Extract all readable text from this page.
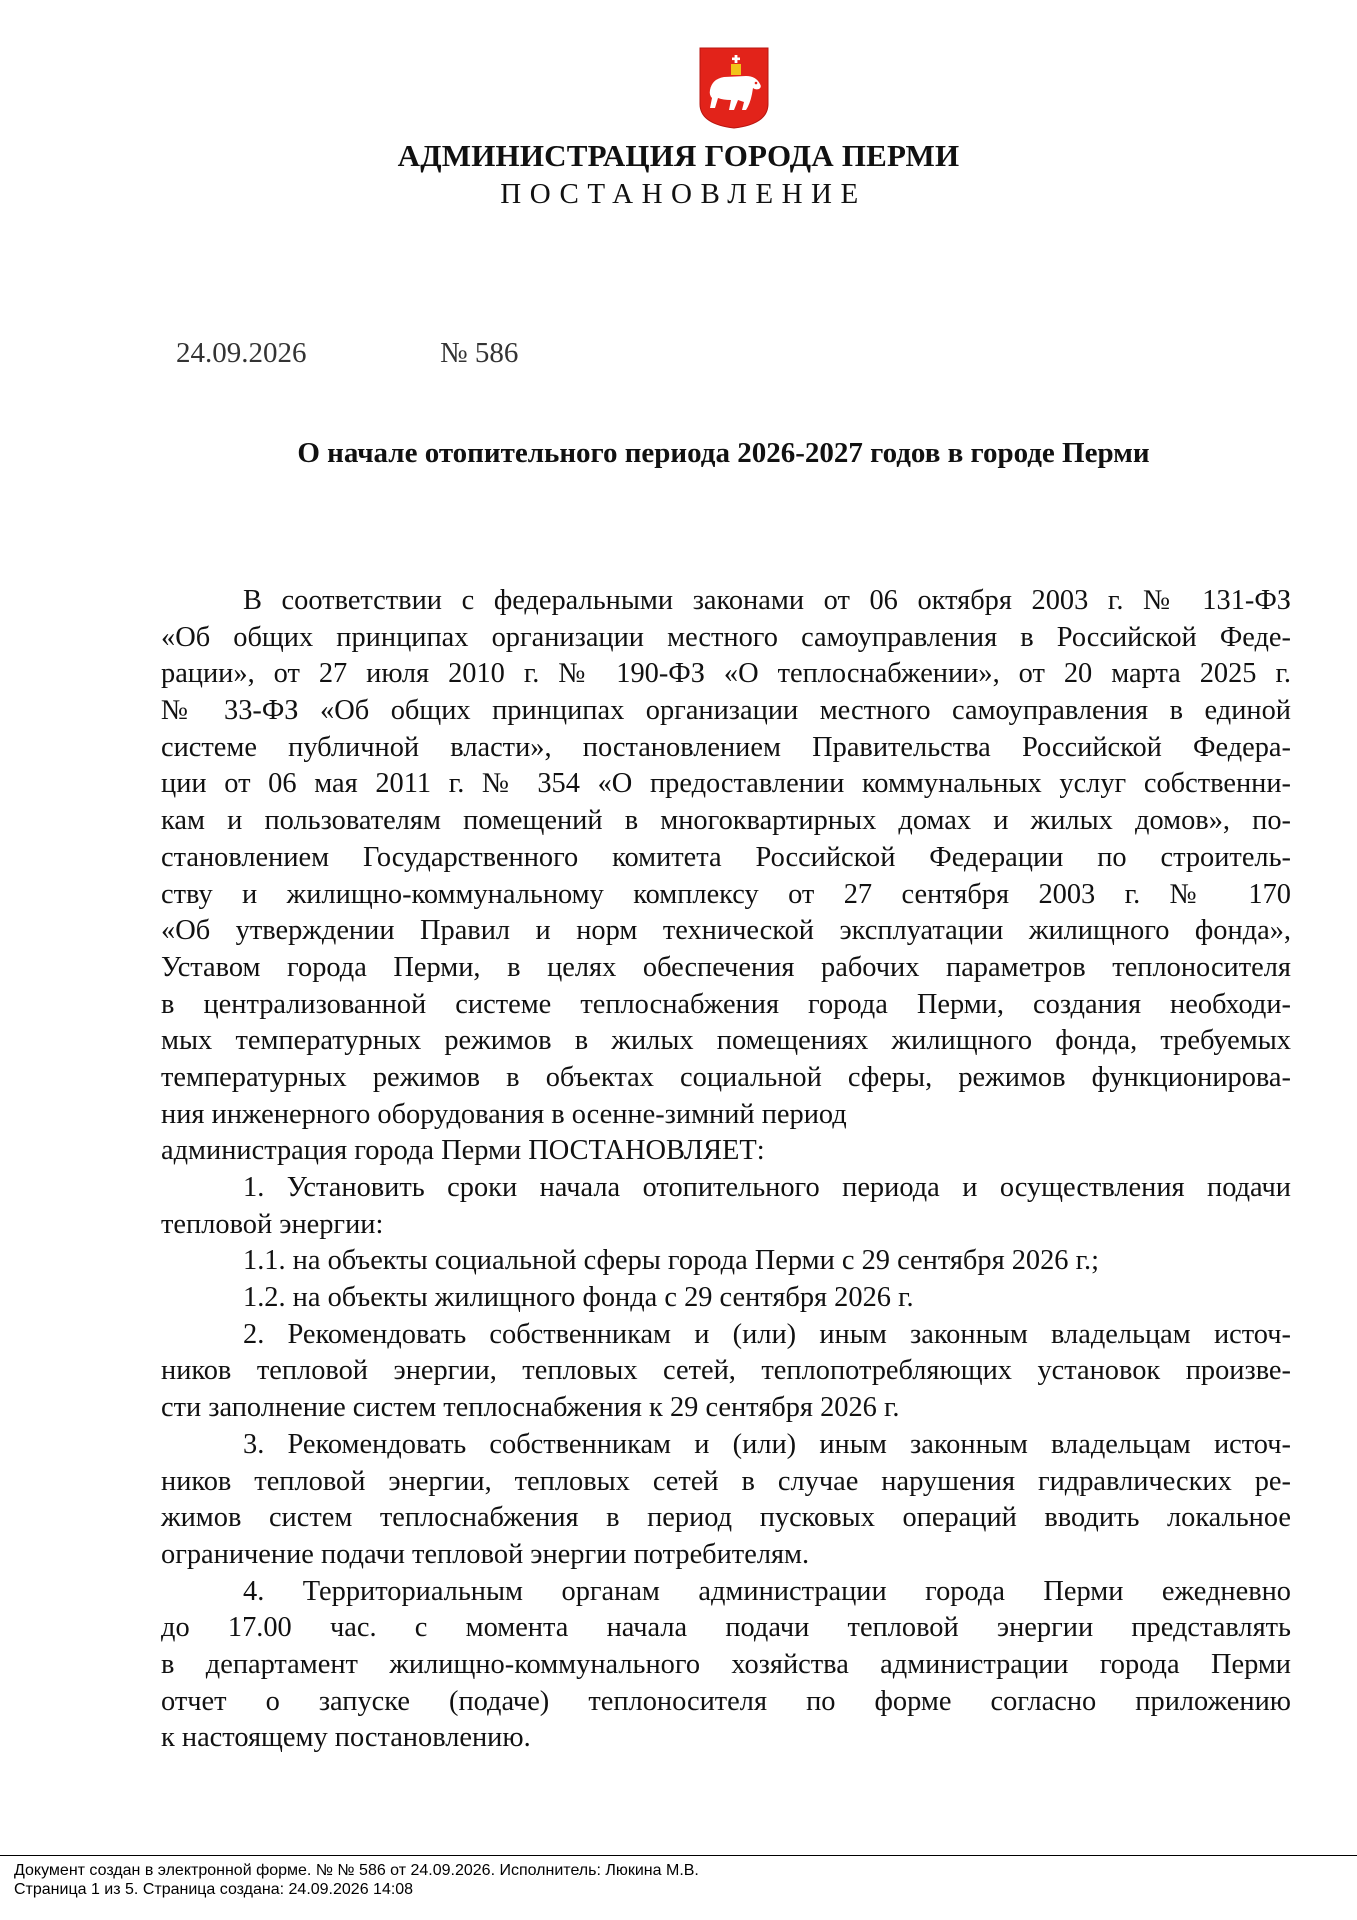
АДМИНИСТРАЦИЯ ГОРОДА ПЕРМИ
ПОСТАНОВЛЕНИЕ
24.09.2026	№ 586
О начале отопительного периода 2026-2027 годов в городе Перми
В соответствии с федеральными законами от 06 октября 2003 г. № 131-ФЗ
«Об общих принципах организации местного самоуправления в Российской Феде-
рации», от 27 июля 2010 г. № 190-ФЗ «О теплоснабжении», от 20 марта 2025 г.
№ 33-ФЗ «Об общих принципах организации местного самоуправления в единой
системе публичной власти», постановлением Правительства Российской Федера-
ции от 06 мая 2011 г. № 354 «О предоставлении коммунальных услуг собственни-
кам и пользователям помещений в многоквартирных домах и жилых домов», по-
становлением Государственного комитета Российской Федерации по строитель-
ству и жилищно-коммунальному комплексу от 27 сентября 2003 г. № 170
«Об утверждении Правил и норм технической эксплуатации жилищного фонда»,
Уставом города Перми, в целях обеспечения рабочих параметров теплоносителя
в централизованной системе теплоснабжения города Перми, создания необходи-
мых температурных режимов в жилых помещениях жилищного фонда, требуемых
температурных режимов в объектах социальной сферы, режимов функционирова-
ния инженерного оборудования в осенне-зимний период
администрация города Перми ПОСТАНОВЛЯЕТ:
1. Установить сроки начала отопительного периода и осуществления подачи
тепловой энергии:
1.1. на объекты социальной сферы города Перми с 29 сентября 2026 г.;
1.2. на объекты жилищного фонда с 29 сентября 2026 г.
2. Рекомендовать собственникам и (или) иным законным владельцам источ-
ников тепловой энергии, тепловых сетей, теплопотребляющих установок произве-
сти заполнение систем теплоснабжения к 29 сентября 2026 г.
3. Рекомендовать собственникам и (или) иным законным владельцам источ-
ников тепловой энергии, тепловых сетей в случае нарушения гидравлических ре-
жимов систем теплоснабжения в период пусковых операций вводить локальное
ограничение подачи тепловой энергии потребителям.
4. Территориальным органам администрации города Перми ежедневно
до 17.00 час. с момента начала подачи тепловой энергии представлять
в департамент жилищно-коммунального хозяйства администрации города Перми
отчет о запуске (подаче) теплоносителя по форме согласно приложению
к настоящему постановлению.
Документ создан в электронной форме. № № 586 от 24.09.2026. Исполнитель: Люкина М.В.
Страница 1 из 5. Страница создана: 24.09.2026 14:08
